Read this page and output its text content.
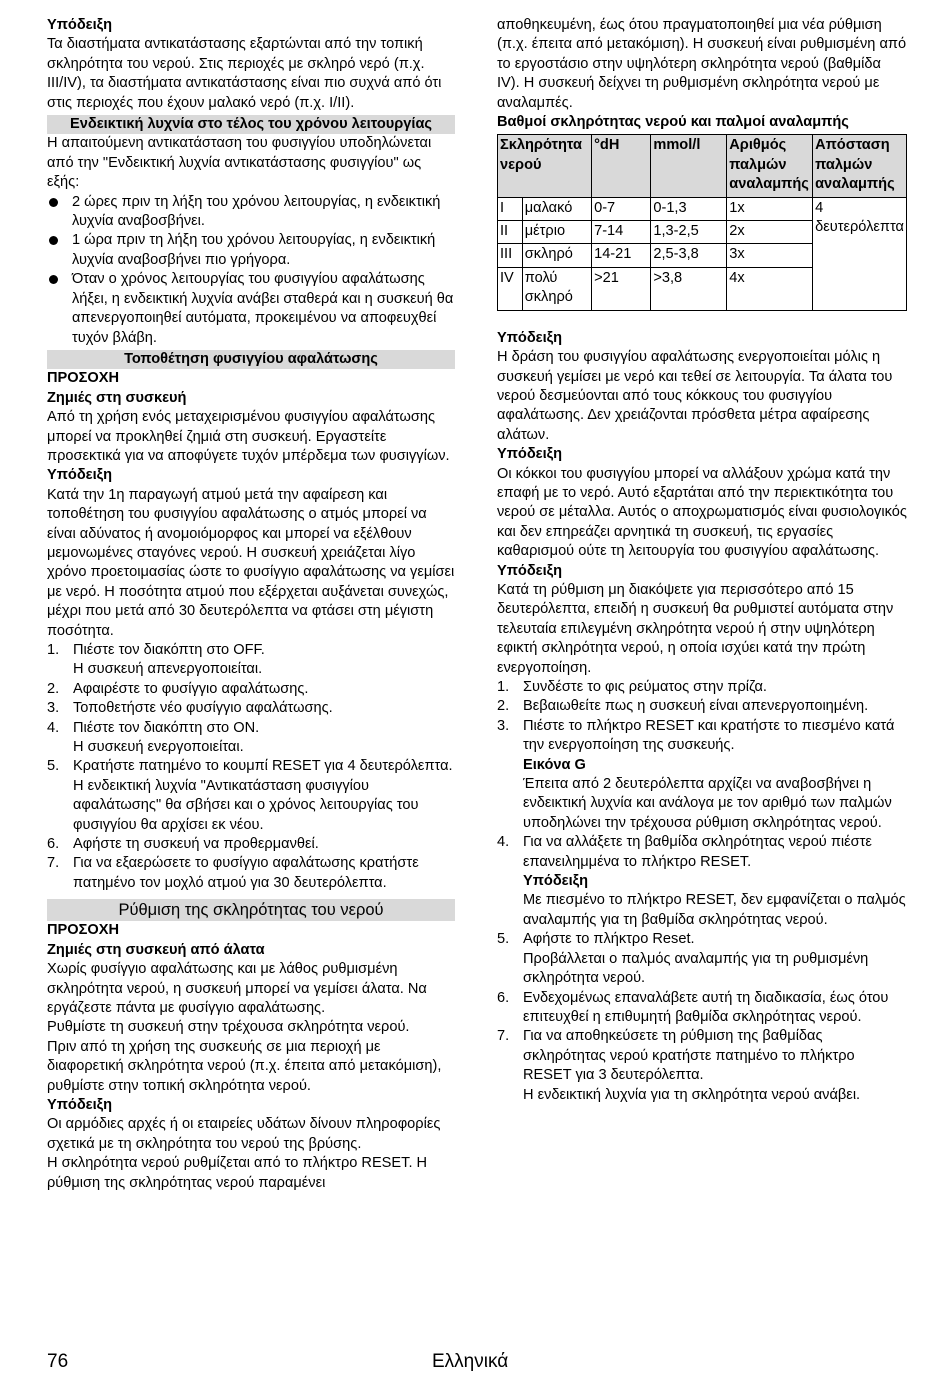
Υπόδειξη

Τα διαστήματα αντικατάστασης εξαρτώνται από την τοπική σκληρότητα του νερού. Στις περιοχές με σκληρό νερό (π.χ. III/IV), τα διαστήματα αντικατάστασης είναι πιο συχνά από ότι στις περιοχές που έχουν μαλακό νερό (π.χ. I/II).

Ενδεικτική λυχνία στο τέλος του χρόνου λειτουργίας

Η απαιτούμενη αντικατάσταση του φυσιγγίου υποδηλώνεται από την "Ενδεικτική λυχνία αντικατάστασης φυσιγγίου" ως εξής:

2 ώρες πριν τη λήξη του χρόνου λειτουργίας, η ενδεικτική λυχνία αναβοσβήνει.
1 ώρα πριν τη λήξη του χρόνου λειτουργίας, η ενδεικτική λυχνία αναβοσβήνει πιο γρήγορα.
Όταν ο χρόνος λειτουργίας του φυσιγγίου αφαλάτωσης λήξει, η ενδεικτική λυχνία ανάβει σταθερά και η συσκευή θα απενεργοποιηθεί αυτόματα, προκειμένου να αποφευχθεί τυχόν βλάβη.
Τοποθέτηση φυσιγγίου αφαλάτωσης

ΠΡΟΣΟΧΗ

Ζημιές στη συσκευή

Από τη χρήση ενός μεταχειρισμένου φυσιγγίου αφαλάτωσης μπορεί να προκληθεί ζημιά στη συσκευή. Εργαστείτε προσεκτικά για να αποφύγετε τυχόν μπέρδεμα των φυσιγγίων.

Υπόδειξη

Κατά την 1η παραγωγή ατμού μετά την αφαίρεση και τοποθέτηση του φυσιγγίου αφαλάτωσης ο ατμός μπορεί να είναι αδύνατος ή ανομοιόμορφος και μπορεί να εξέλθουν μεμονωμένες σταγόνες νερού. Η συσκευή χρειάζεται λίγο χρόνο προετοιμασίας ώστε το φυσίγγιο αφαλάτωσης να γεμίσει με νερό. Η ποσότητα ατμού που εξέρχεται αυξάνεται συνεχώς, μέχρι που μετά από 30 δευτερόλεπτα να φτάσει στη μέγιστη ποσότητα.

1. Πιέστε τον διακόπτη στο OFF.
Η συσκευή απενεργοποιείται.
2. Αφαιρέστε το φυσίγγιο αφαλάτωσης.
3. Τοποθετήστε νέο φυσίγγιο αφαλάτωσης.
4. Πιέστε τον διακόπτη στο ON.
Η συσκευή ενεργοποιείται.
5. Κρατήστε πατημένο το κουμπί RESET για 4 δευτερόλεπτα.
Η ενδεικτική λυχνία "Αντικατάσταση φυσιγγίου αφαλάτωσης" θα σβήσει και ο χρόνος λειτουργίας του φυσιγγίου θα αρχίσει εκ νέου.
6. Αφήστε τη συσκευή να προθερμανθεί.
7. Για να εξαερώσετε το φυσίγγιο αφαλάτωσης κρατήστε πατημένο τον μοχλό ατμού για 30 δευτερόλεπτα.
Ρύθμιση της σκληρότητας του νερού

ΠΡΟΣΟΧΗ

Ζημιές στη συσκευή από άλατα

Χωρίς φυσίγγιο αφαλάτωσης και με λάθος ρυθμισμένη σκληρότητα νερού, η συσκευή μπορεί να γεμίσει άλατα. Να εργάζεστε πάντα με φυσίγγιο αφαλάτωσης.

Ρυθμίστε τη συσκευή στην τρέχουσα σκληρότητα νερού.

Πριν από τη χρήση της συσκευής σε μια περιοχή με διαφορετική σκληρότητα νερού (π.χ. έπειτα από μετακόμιση), ρυθμίστε στην τοπική σκληρότητα νερού.

Υπόδειξη

Οι αρμόδιες αρχές ή οι εταιρείες υδάτων δίνουν πληροφορίες σχετικά με τη σκληρότητα του νερού της βρύσης.

Η σκληρότητα νερού ρυθμίζεται από το πλήκτρο RESET. Η ρύθμιση της σκληρότητας νερού παραμένει

αποθηκευμένη, έως ότου πραγματοποιηθεί μια νέα ρύθμιση (π.χ. έπειτα από μετακόμιση). Η συσκευή είναι ρυθμισμένη από το εργοστάσιο στην υψηλότερη σκληρότητα νερού (βαθμίδα IV). Η συσκευή δείχνει τη ρυθμισμένη σκληρότητα νερού με αναλαμπές.

Βαθμοί σκληρότητας νερού και παλμοί αναλαμπής

Σκληρότητα νερού		°dH	mmol/l	Αριθμός παλμών αναλαμπής	Απόσταση παλμών αναλαμπής
I	μαλακό	0-7	0-1,3	1x	4 δευτερόλεπτα
II	μέτριο	7-14	1,3-2,5	2x	
III	σκληρό	14-21	2,5-3,8	3x	
IV	πολύ σκληρό	>21	>3,8	4x	

Υπόδειξη

Η δράση του φυσιγγίου αφαλάτωσης ενεργοποιείται μόλις η συσκευή γεμίσει με νερό και τεθεί σε λειτουργία. Τα άλατα του νερού δεσμεύονται από τους κόκκους του φυσιγγίου αφαλάτωσης. Δεν χρειάζονται πρόσθετα μέτρα αφαίρεσης αλάτων.

Υπόδειξη

Οι κόκκοι του φυσιγγίου μπορεί να αλλάξουν χρώμα κατά την επαφή με το νερό. Αυτό εξαρτάται από την περιεκτικότητα του νερού σε μέταλλα. Αυτός ο αποχρωματισμός είναι φυσιολογικός και δεν επηρεάζει αρνητικά τη συσκευή, τις εργασίες καθαρισμού ούτε τη λειτουργία του φυσιγγίου αφαλάτωσης.

Υπόδειξη

Κατά τη ρύθμιση μη διακόψετε για περισσότερο από 15 δευτερόλεπτα, επειδή η συσκευή θα ρυθμιστεί αυτόματα στην τελευταία επιλεγμένη σκληρότητα νερού ή στην υψηλότερη εφικτή σκληρότητα νερού, η οποία ισχύει κατά την πρώτη ενεργοποίηση.

1. Συνδέστε το φις ρεύματος στην πρίζα.
2. Βεβαιωθείτε πως η συσκευή είναι απενεργοποιημένη.
3. Πιέστε το πλήκτρο RESET και κρατήστε το πιεσμένο κατά την ενεργοποίηση της συσκευής.
Εικόνα G
Έπειτα από 2 δευτερόλεπτα αρχίζει να αναβοσβήνει η ενδεικτική λυχνία και ανάλογα με τον αριθμό των παλμών υποδηλώνει την τρέχουσα ρύθμιση σκληρότητας νερού.
4. Για να αλλάξετε τη βαθμίδα σκληρότητας νερού πιέστε επανειλημμένα το πλήκτρο RESET.
Υπόδειξη
Με πιεσμένο το πλήκτρο RESET, δεν εμφανίζεται ο παλμός αναλαμπής για τη βαθμίδα σκληρότητας νερού.
5. Αφήστε το πλήκτρο Reset.
Προβάλλεται ο παλμός αναλαμπής για τη ρυθμισμένη σκληρότητα νερού.
6. Ενδεχομένως επαναλάβετε αυτή τη διαδικασία, έως ότου επιτευχθεί η επιθυμητή βαθμίδα σκληρότητας νερού.
7. Για να αποθηκεύσετε τη ρύθμιση της βαθμίδας σκληρότητας νερού κρατήστε πατημένο το πλήκτρο RESET για 3 δευτερόλεπτα.
Η ενδεικτική λυχνία για τη σκληρότητα νερού ανάβει.
76	Ελληνικά
